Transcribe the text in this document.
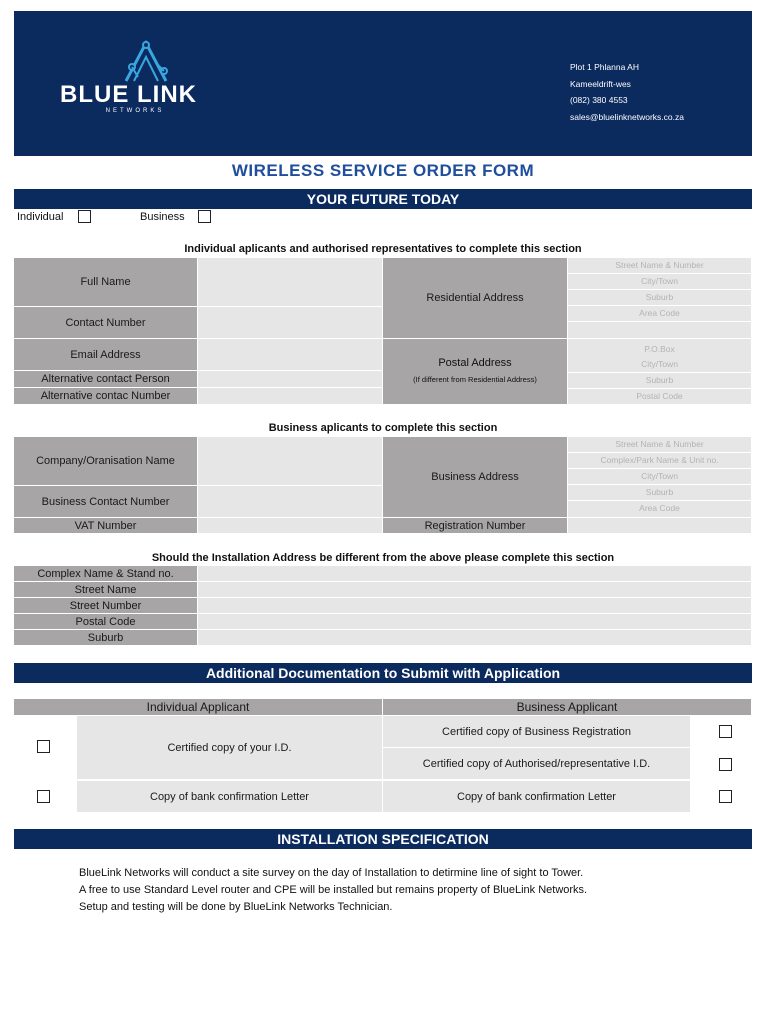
BLUE LINK
NETWORKS
Plot 1 Phlanna AH
Kameeldrift-wes
(082) 380 4553
sales@bluelinknetworks.co.za
WIRELESS SERVICE ORDER FORM
YOUR FUTURE TODAY
Individual	Business
Individual aplicants and authorised representatives to complete this section
Full Name
Contact Number
Email Address
Alternative contact Person
Alternative contac Number
Residential Address
Street Name & Number
City/Town
Suburb
Area Code
Postal Address
(If different from Residential Address)
P.O.Box
City/Town
Suburb
Postal Code
Business aplicants to complete this section
Company/Oranisation Name
Business Contact Number
VAT Number
Business Address
Street Name & Number
Complex/Park Name & Unit no.
City/Town
Suburb
Area Code
Registration Number
Should the Installation Address be different from the above please complete this section
Complex Name & Stand no.
Street Name
Street Number
Postal Code
Suburb
Additional Documentation to Submit with Application
Individual Applicant	Business Applicant
Certified copy of your I.D.
Copy of bank confirmation Letter
Certified copy of Business Registration
Certified copy of Authorised/representative I.D.
Copy of bank confirmation Letter
INSTALLATION SPECIFICATION
BlueLink Networks will conduct a site survey on the day of Installation to detirmine line of sight to Tower.
A free to use Standard Level router and CPE will be installed but remains property of BlueLink Networks.
Setup and testing will be done by BlueLink Networks Technician.
